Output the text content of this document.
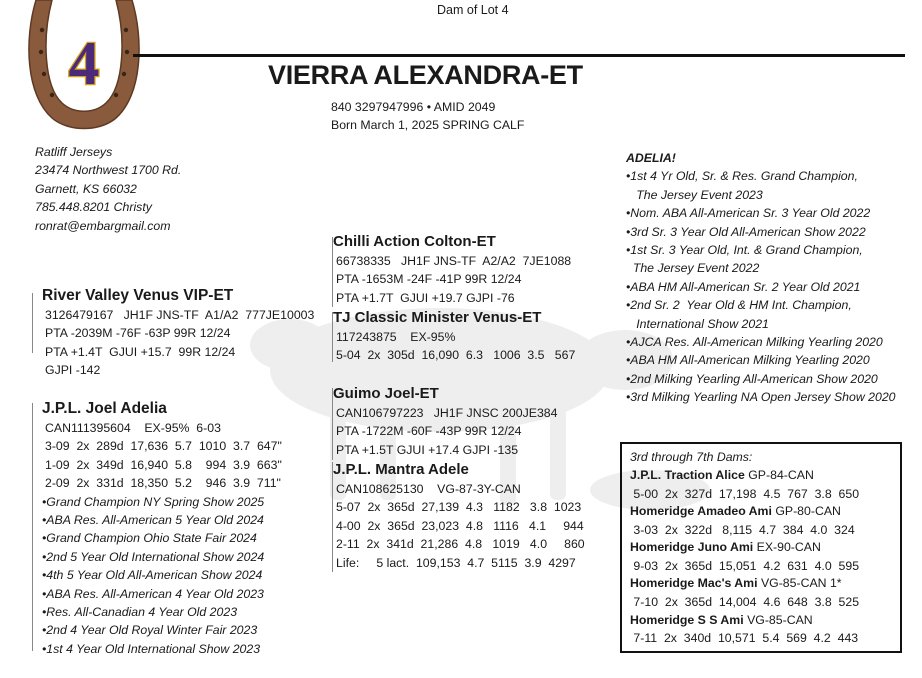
4
Dam of Lot 4
VIERRA ALEXANDRA-ET
840 3297947996 • AMID 2049
Born March 1, 2025 SPRING CALF
Ratliff Jerseys
23474 Northwest 1700 Rd.
Garnett, KS 66032
785.448.8201 Christy
ronrat@embargmail.com
River Valley Venus VIP-ET
3126479167   JH1F JNS-TF  A1/A2  777JE10003
PTA -2039M -76F -63P 99R 12/24
PTA +1.4T  GJUI +15.7  99R 12/24
GJPI -142
J.P.L. Joel Adelia
CAN111395604    EX-95%  6-03
3-09  2x  289d  17,636  5.7  1010  3.7  647"
1-09  2x  349d  16,940  5.8    994  3.9  663"
2-09  2x  331d  18,350  5.2    946  3.9  711"
•Grand Champion NY Spring Show 2025
•ABA Res. All-American 5 Year Old 2024
•Grand Champion Ohio State Fair 2024
•2nd 5 Year Old International Show 2024
•4th 5 Year Old All-American Show 2024
•ABA Res. All-American 4 Year Old 2023
•Res. All-Canadian 4 Year Old 2023
•2nd 4 Year Old Royal Winter Fair 2023
•1st 4 Year Old International Show 2023
Chilli Action Colton-ET
66738335   JH1F JNS-TF  A2/A2  7JE1088
PTA -1653M -24F -41P 99R 12/24
PTA +1.7T  GJUI +19.7 GJPI -76
TJ Classic Minister Venus-ET
117243875    EX-95%
5-04  2x  305d  16,090  6.3   1006  3.5   567
Guimo Joel-ET
CAN106797223   JH1F JNSC 200JE384
PTA -1722M -60F -43P 99R 12/24
PTA +1.5T GJUI +17.4 GJPI -135
J.P.L. Mantra Adele
CAN108625130    VG-87-3Y-CAN
5-07  2x  365d  27,139  4.3   1182   3.8  1023
4-00  2x  365d  23,023  4.8   1116   4.1     944
2-11  2x  341d  21,286  4.8   1019   4.0     860
Life:     5 lact.  109,153  4.7  5115  3.9  4297
ADELIA!
•1st 4 Yr Old, Sr. & Res. Grand Champion,
The Jersey Event 2023
•Nom. ABA All-American Sr. 3 Year Old 2022
•3rd Sr. 3 Year Old All-American Show 2022
•1st Sr. 3 Year Old, Int. & Grand Champion,
The Jersey Event 2022
•ABA HM All-American Sr. 2 Year Old 2021
•2nd Sr. 2  Year Old & HM Int. Champion,
International Show 2021
•AJCA Res. All-American Milking Yearling 2020
•ABA HM All-American Milking Yearling 2020
•2nd Milking Yearling All-American Show 2020
•3rd Milking Yearling NA Open Jersey Show 2020
3rd through 7th Dams:
J.P.L. Traction Alice GP-84-CAN
5-00  2x  327d  17,198  4.5  767  3.8  650
Homeridge Amadeo Ami GP-80-CAN
3-03  2x  322d   8,115  4.7  384  4.0  324
Homeridge Juno Ami EX-90-CAN
9-03  2x  365d  15,051  4.2  631  4.0  595
Homeridge Mac's Ami VG-85-CAN 1*
7-10  2x  365d  14,004  4.6  648  3.8  525
Homeridge S S Ami VG-85-CAN
7-11  2x  340d  10,571  5.4  569  4.2  443
